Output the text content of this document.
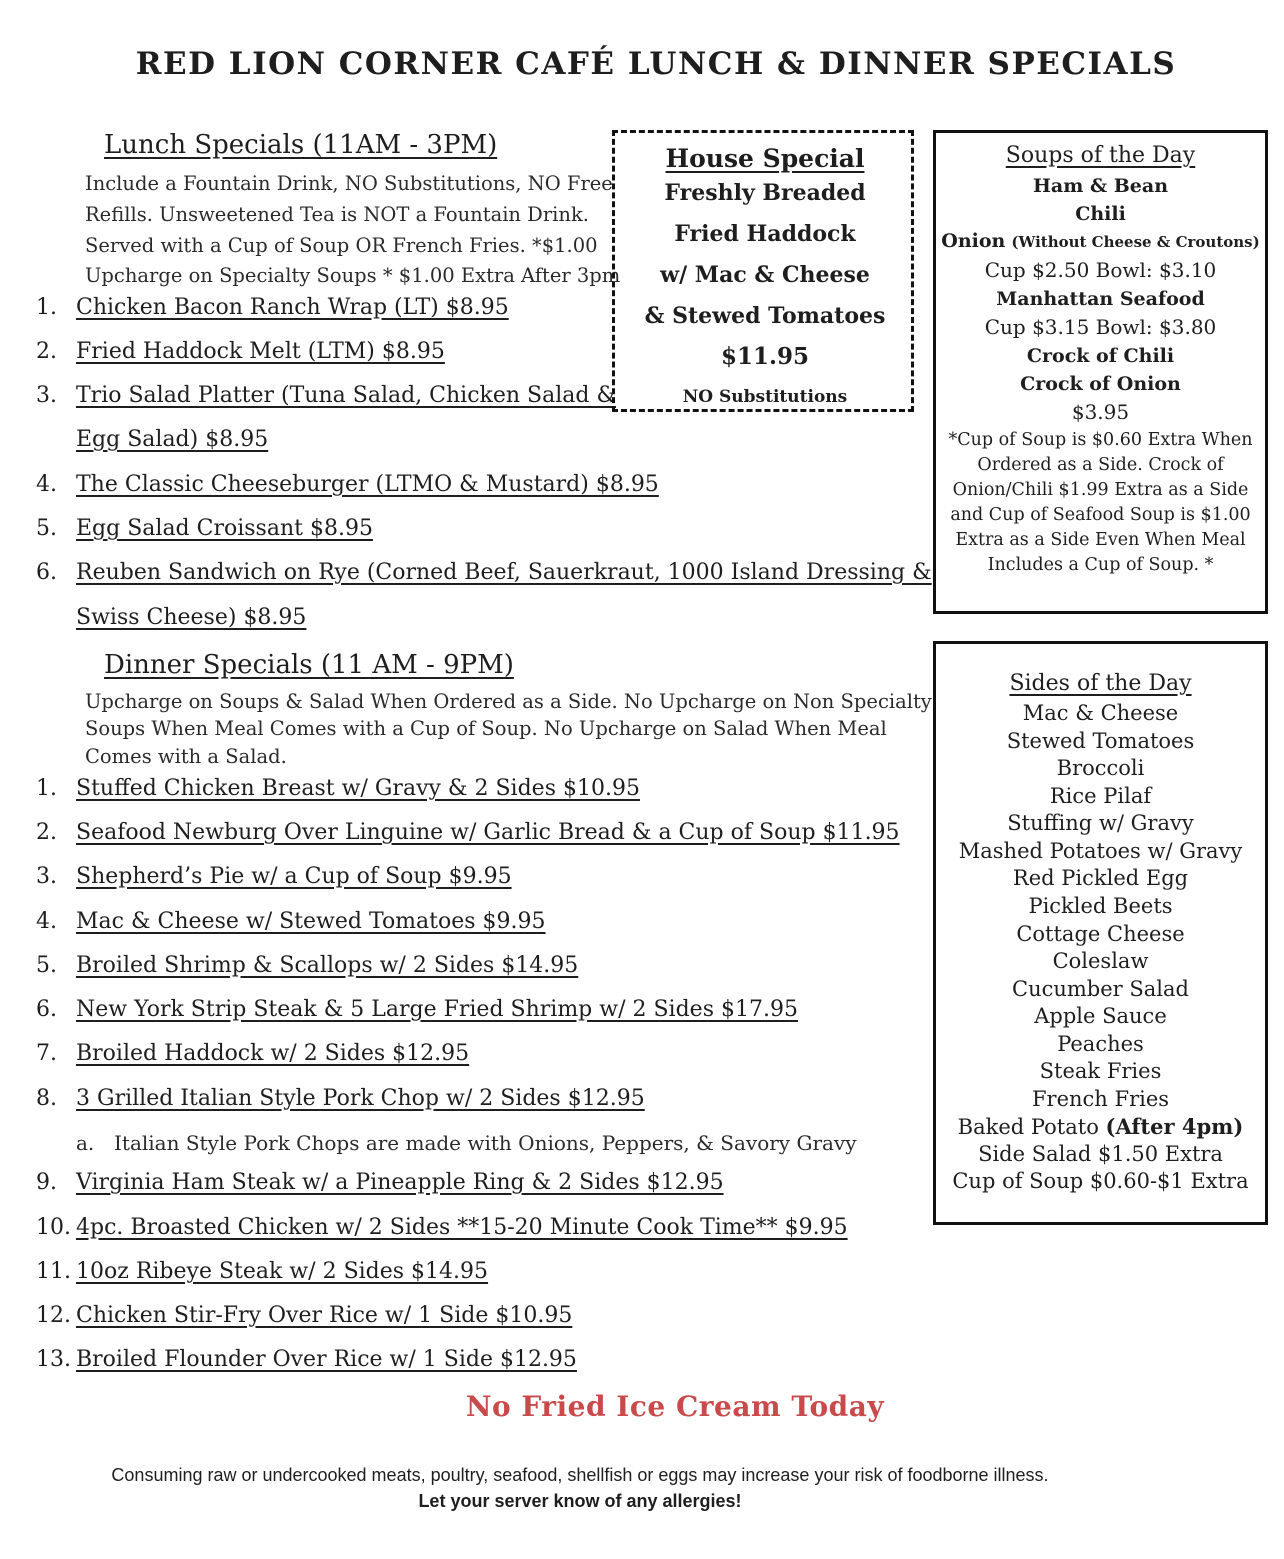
RED LION CORNER CAFÉ LUNCH & DINNER SPECIALS
Lunch Specials (11AM - 3PM)
Include a Fountain Drink, NO Substitutions, NO Free
Refills. Unsweetened Tea is NOT a Fountain Drink.
Served with a Cup of Soup OR French Fries. *$1.00
Upcharge on Specialty Soups * $1.00 Extra After 3pm
1. Chicken Bacon Ranch Wrap (LT) $8.95
2. Fried Haddock Melt (LTM) $8.95
3. Trio Salad Platter (Tuna Salad, Chicken Salad &
Egg Salad) $8.95
4. The Classic Cheeseburger (LTMO & Mustard) $8.95
5. Egg Salad Croissant $8.95
6. Reuben Sandwich on Rye (Corned Beef, Sauerkraut, 1000 Island Dressing &
Swiss Cheese) $8.95
House Special
Freshly Breaded
Fried Haddock
w/ Mac & Cheese
& Stewed Tomatoes
$11.95
NO Substitutions
Soups of the Day
Ham & Bean
Chili
Onion (Without Cheese & Croutons)
Cup $2.50 Bowl: $3.10
Manhattan Seafood
Cup $3.15 Bowl: $3.80
Crock of Chili
Crock of Onion
$3.95
*Cup of Soup is $0.60 Extra When
Ordered as a Side. Crock of
Onion/Chili $1.99 Extra as a Side
and Cup of Seafood Soup is $1.00
Extra as a Side Even When Meal
Includes a Cup of Soup. *
Dinner Specials (11 AM - 9PM)
Upcharge on Soups & Salad When Ordered as a Side. No Upcharge on Non Specialty
Soups When Meal Comes with a Cup of Soup. No Upcharge on Salad When Meal
Comes with a Salad.
1. Stuffed Chicken Breast w/ Gravy & 2 Sides $10.95
2. Seafood Newburg Over Linguine w/ Garlic Bread & a Cup of Soup $11.95
3. Shepherd’s Pie w/ a Cup of Soup $9.95
4. Mac & Cheese w/ Stewed Tomatoes $9.95
5. Broiled Shrimp & Scallops w/ 2 Sides $14.95
6. New York Strip Steak & 5 Large Fried Shrimp w/ 2 Sides $17.95
7. Broiled Haddock w/ 2 Sides $12.95
8. 3 Grilled Italian Style Pork Chop w/ 2 Sides $12.95
a. Italian Style Pork Chops are made with Onions, Peppers, & Savory Gravy
9. Virginia Ham Steak w/ a Pineapple Ring & 2 Sides $12.95
10. 4pc. Broasted Chicken w/ 2 Sides **15-20 Minute Cook Time** $9.95
11. 10oz Ribeye Steak w/ 2 Sides $14.95
12. Chicken Stir-Fry Over Rice w/ 1 Side $10.95
13. Broiled Flounder Over Rice w/ 1 Side $12.95
Sides of the Day
Mac & Cheese
Stewed Tomatoes
Broccoli
Rice Pilaf
Stuffing w/ Gravy
Mashed Potatoes w/ Gravy
Red Pickled Egg
Pickled Beets
Cottage Cheese
Coleslaw
Cucumber Salad
Apple Sauce
Peaches
Steak Fries
French Fries
Baked Potato (After 4pm)
Side Salad $1.50 Extra
Cup of Soup $0.60-$1 Extra
No Fried Ice Cream Today
Consuming raw or undercooked meats, poultry, seafood, shellfish or eggs may increase your risk of foodborne illness.
Let your server know of any allergies!
